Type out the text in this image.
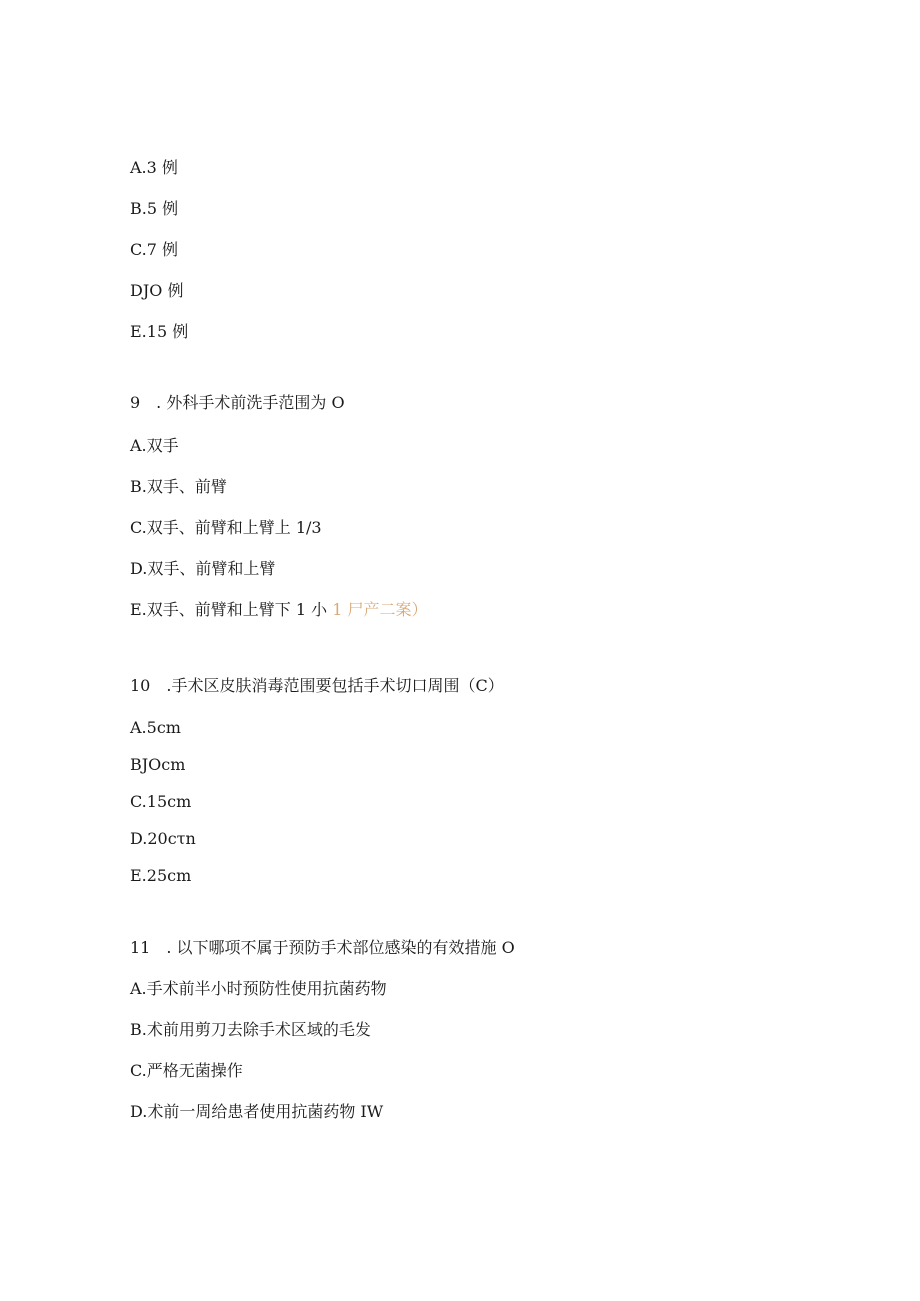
A.3 例
B.5 例
C.7 例
DJO 例
E.15 例
9　. 外科手术前洗手范围为 O
A.双手
B.双手、前臂
C.双手、前臂和上臂上 1/3
D.双手、前臂和上臂
E.双手、前臂和上臂下 1 小 1 尸产二案）
10　.手术区皮肤消毒范围要包括手术切口周围（C）
A.5cm
BJOcm
C.15cm
D.20cτn
E.25cm
11　. 以下哪项不属于预防手术部位感染的有效措施 O
A.手术前半小时预防性使用抗菌药物
B.术前用剪刀去除手术区域的毛发
C.严格无菌操作
D.术前一周给患者使用抗菌药物 IW
